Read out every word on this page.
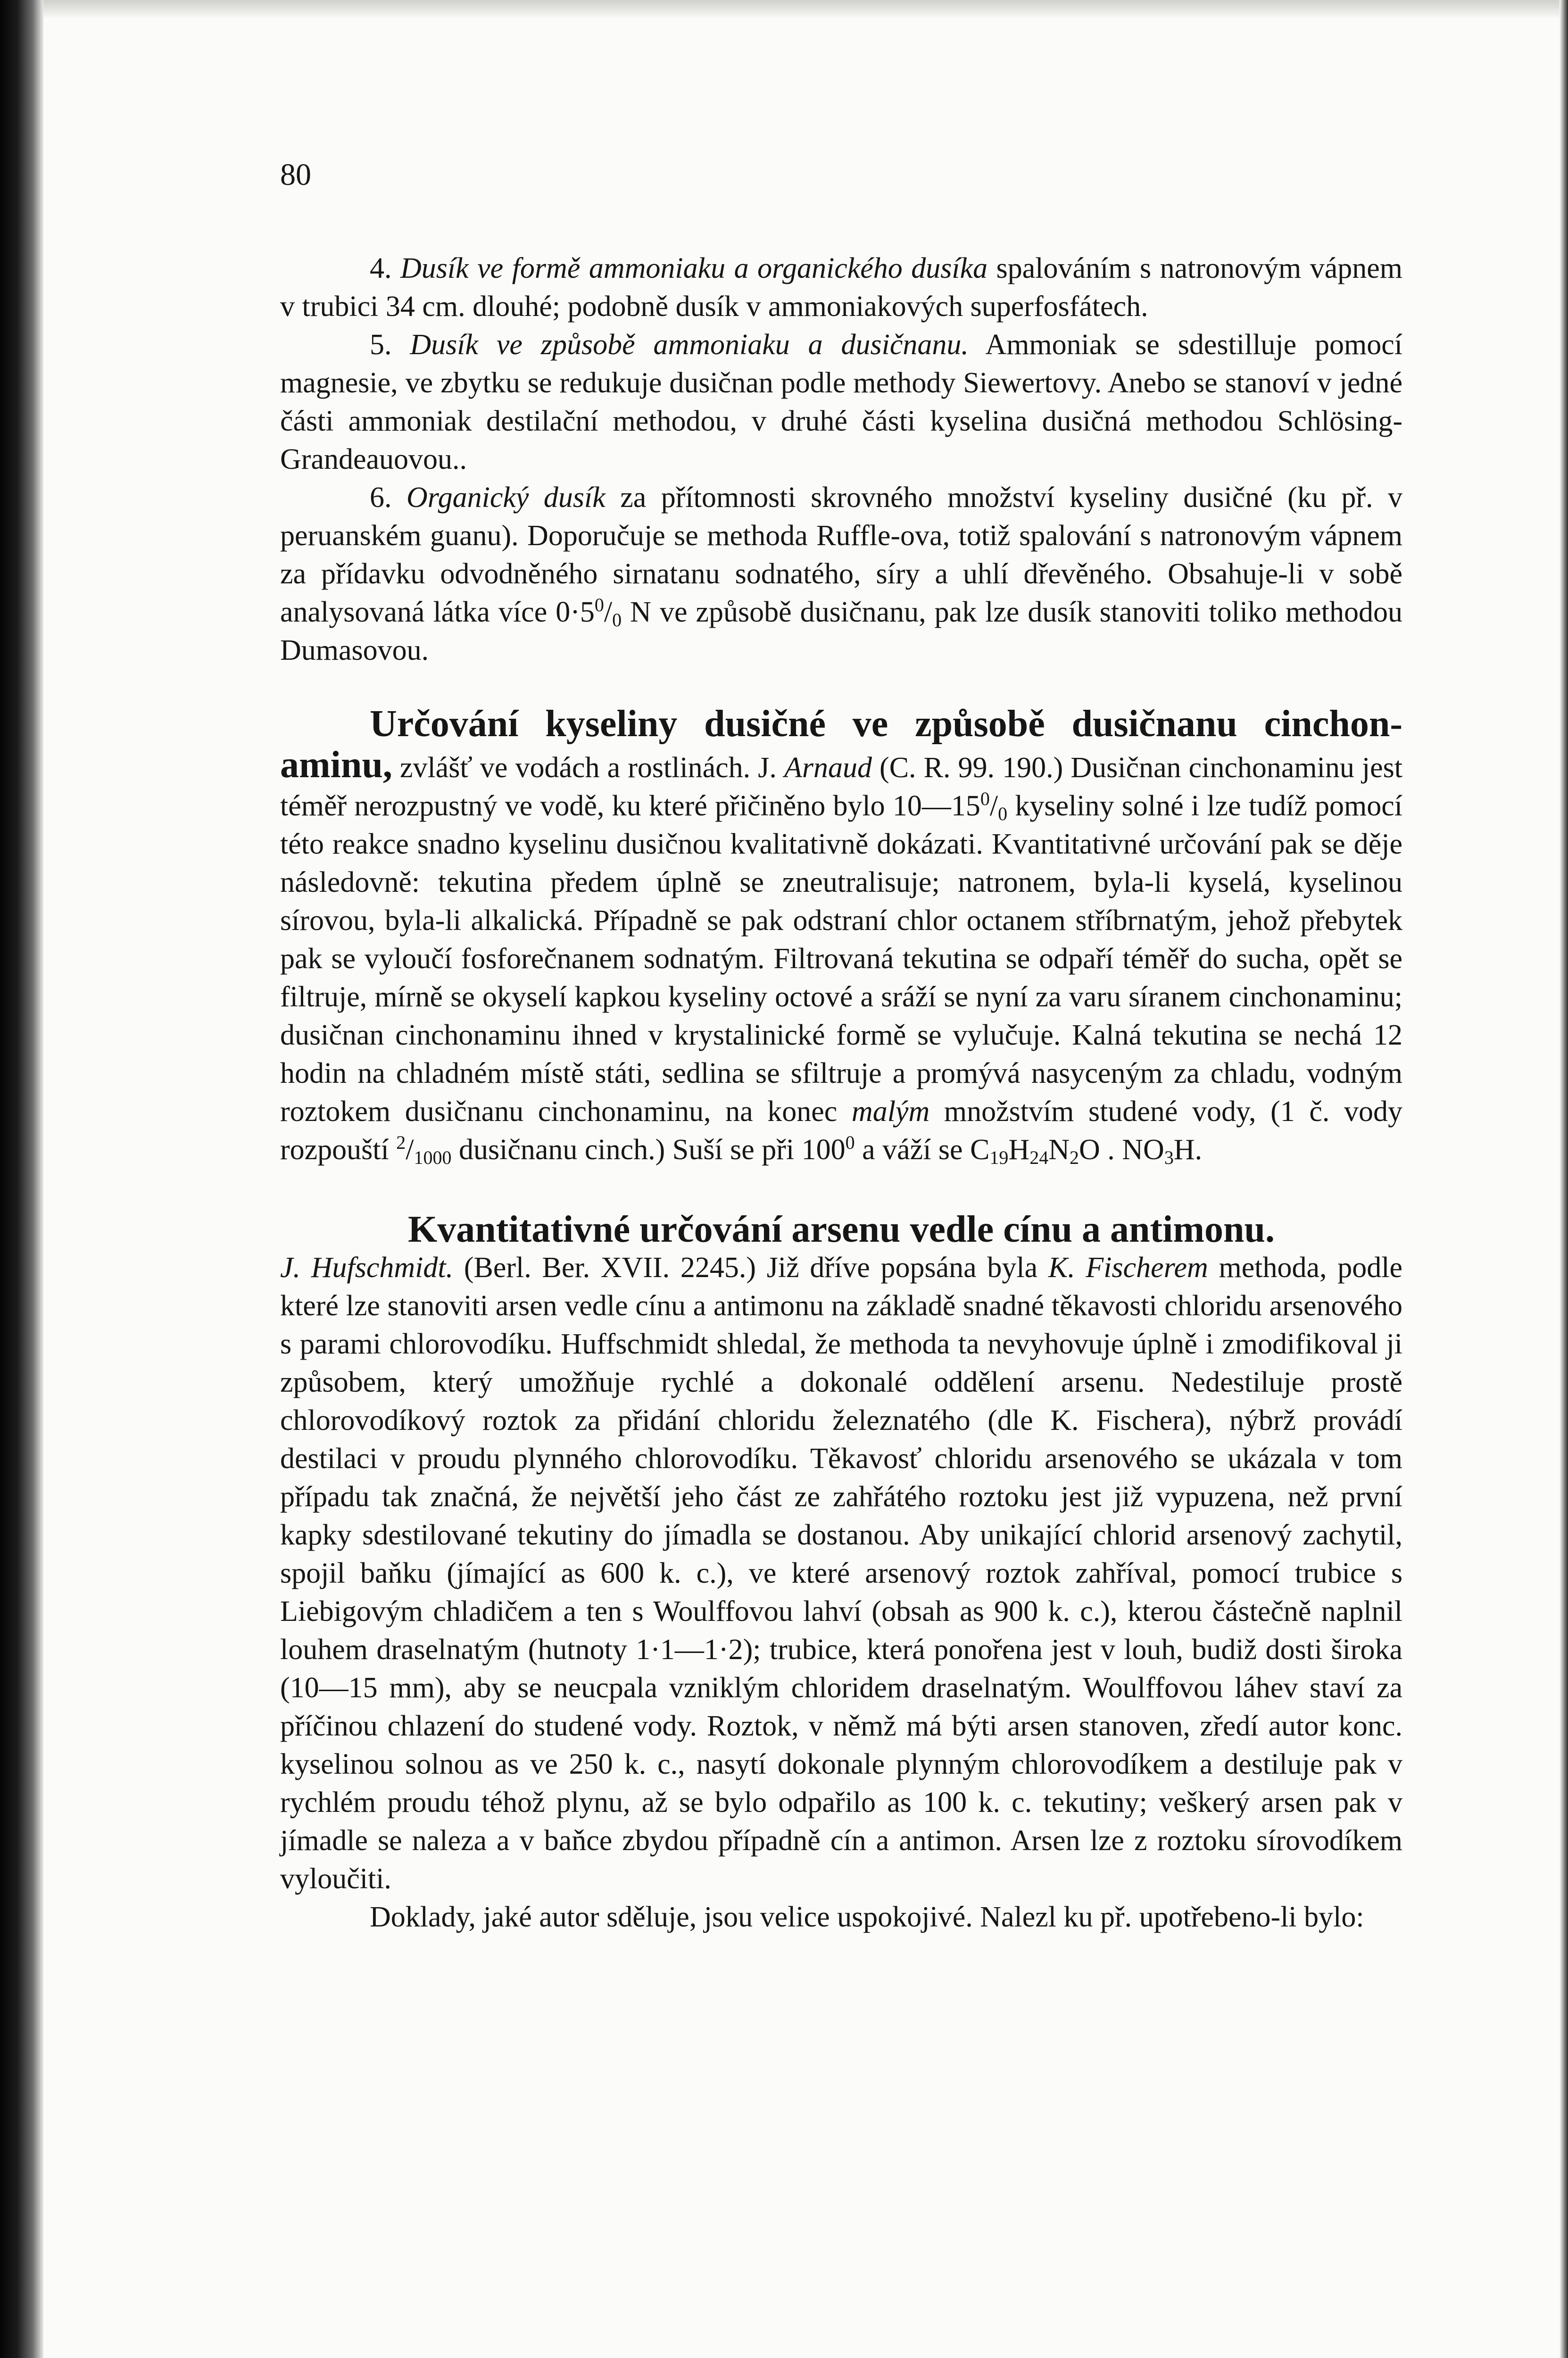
80

4. Dusík ve formě ammoniaku a organického dusíka spalováním s natronovým vápnem v trubici 34 cm. dlouhé; podobně dusík v ammoniakových superfosfátech.

5. Dusík ve způsobě ammoniaku a dusičnanu. Ammoniak se sdestilluje pomocí magnesie, ve zbytku se redukuje dusičnan podle methody Siewertovy. Anebo se stanoví v jedné části ammoniak destilační methodou, v druhé části kyselina dusičná methodou Schlösing-Grandeauovou..

6. Organický dusík za přítomnosti skrovného množství kyseliny dusičné (ku př. v peruanském guanu). Doporučuje se methoda Ruffle-ova, totiž spalování s natronovým vápnem za přídavku odvodněného sirnatanu sodnatého, síry a uhlí dřevěného. Obsahuje-li v sobě analysovaná látka více $0\cdot 5^0/_0$ N ve způsobě dusičnanu, pak lze dusík stanoviti toliko methodou Dumasovou.

Určování kyseliny dusičné ve způsobě dusičnanu cinchon- aminu, zvlášť ve vodách a rostlinách. J. Arnaud (C. R. 99. 190.) Dusičnan cinchonaminu jest téměř nerozpustný ve vodě, ku které přičiněno bylo $10—15^0/_0$ kyseliny solné i lze tudíž pomocí této reakce snadno kyselinu dusičnou kvalitativně dokázati. Kvantitativné určování pak se děje následovně: tekutina předem úplně se zneutralisuje; natronem, byla-li kyselá, kyselinou sírovou, byla-li alkalická. Případně se pak odstraní chlor octanem stříbrnatým, jehož přebytek pak se vyloučí fosforečnanem sodnatým. Filtrovaná tekutina se odpaří téměř do sucha, opět se filtruje, mírně se okyselí kapkou kyseliny octové a sráží se nyní za varu síranem cinchonaminu; dusičnan cinchonaminu ihned v krystalinické formě se vylučuje. Kalná tekutina se nechá 12 hodin na chladném místě státi, sedlina se sfiltruje a promývá nasyceným za chladu, vodným roztokem dusičnanu cinchonaminu, na konec malým množstvím studené vody, (1 č. vody rozpouští $^2/_{1000}$ dusičnanu cinch.) Suší se při $100^0$ a váží se $C_{19}H_{24}N_2O$ . $NO_3H$.

Kvantitativné určování arsenu vedle cínu a antimonu.

J. Hufschmidt. (Berl. Ber. XVII. 2245.) Již dříve popsána byla K. Fischerem methoda, podle které lze stanoviti arsen vedle cínu a antimonu na základě snadné těkavosti chloridu arsenového s parami chlorovodíku. Huffschmidt shledal, že methoda ta nevyhovuje úplně i zmodifikoval ji způsobem, který umožňuje rychlé a dokonalé oddělení arsenu. Nedestiluje prostě chlorovodíkový roztok za přidání chloridu železnatého (dle K. Fischera), nýbrž provádí destilaci v proudu plynného chlorovodíku. Těkavosť chloridu arsenového se ukázala v tom případu tak značná, že největší jeho část ze zahřátého roztoku jest již vypuzena, než první kapky sdestilované tekutiny do jímadla se dostanou. Aby unikající chlorid arsenový zachytil, spojil baňku (jímající as 600 k. c.), ve které arsenový roztok zahříval, pomocí trubice s Liebigovým chladičem a ten s Woulffovou lahví (obsah as 900 k. c.), kterou částečně naplnil louhem draselnatým (hutnoty 1·1—1·2); trubice, která ponořena jest v louh, budiž dosti široka (10—15 mm), aby se neucpala vzniklým chloridem draselnatým. Woulffovou láhev staví za příčinou chlazení do studené vody. Roztok, v němž má býti arsen stanoven, zředí autor konc. kyselinou solnou as ve 250 k. c., nasytí dokonale plynným chlorovodíkem a destiluje pak v rychlém proudu téhož plynu, až se bylo odpařilo as 100 k. c. tekutiny; veškerý arsen pak v jímadle se naleza a v baňce zbydou případně cín a antimon. Arsen lze z roztoku sírovodíkem vyloučiti.

Doklady, jaké autor sděluje, jsou velice uspokojivé. Nalezl ku př. upotřebeno-li bylo:
